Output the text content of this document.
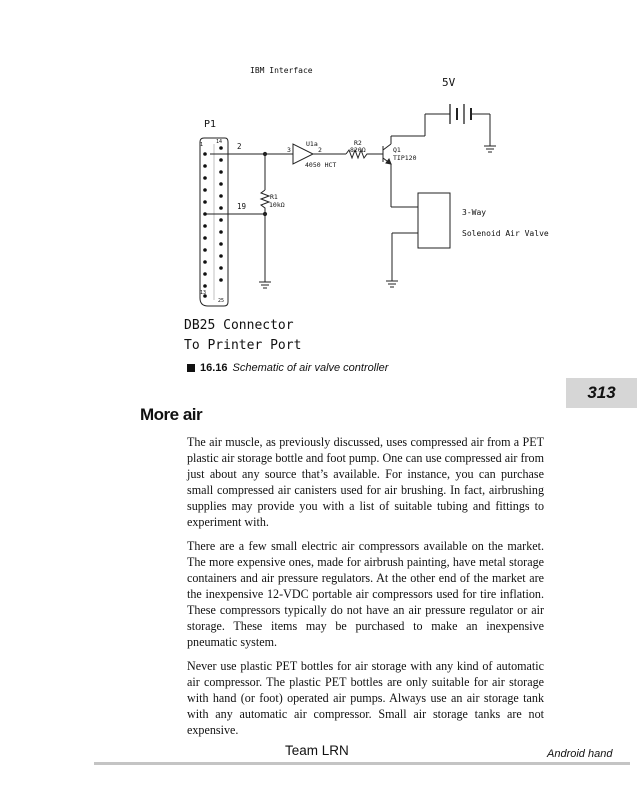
IBM Interface
5V
P1
2
19
1	14
13
25
3	2
U1a
4050 HCT
R2
820Ω	Q1
TIP120
R1
10kΩ
3-Way
Solenoid Air Valve
DB25 Connector
To Printer Port
16.16 Schematic of air valve controller
313
More air

The air muscle, as previously discussed, uses compressed air from a PET plastic air storage bottle and foot pump. One can use compressed air from just about any source that’s available. For instance, you can purchase small compressed air canisters used for air brushing. In fact, airbrushing supplies may provide you with a list of suitable tubing and fittings to experiment with.

There are a few small electric air compressors available on the market. The more expensive ones, made for airbrush painting, have metal storage containers and air pressure regulators. At the other end of the market are the inexpensive 12-VDC portable air compressors used for tire inflation. These compressors typically do not have an air pressure regulator or air storage. These items may be purchased to make an inexpensive pneumatic system.

Never use plastic PET bottles for air storage with any kind of automatic air compressor. The plastic PET bottles are only suitable for air storage with hand (or foot) operated air pumps. Always use an air storage tank with any automatic air compressor. Small air storage tanks are not expensive.

Team LRN	Android hand
